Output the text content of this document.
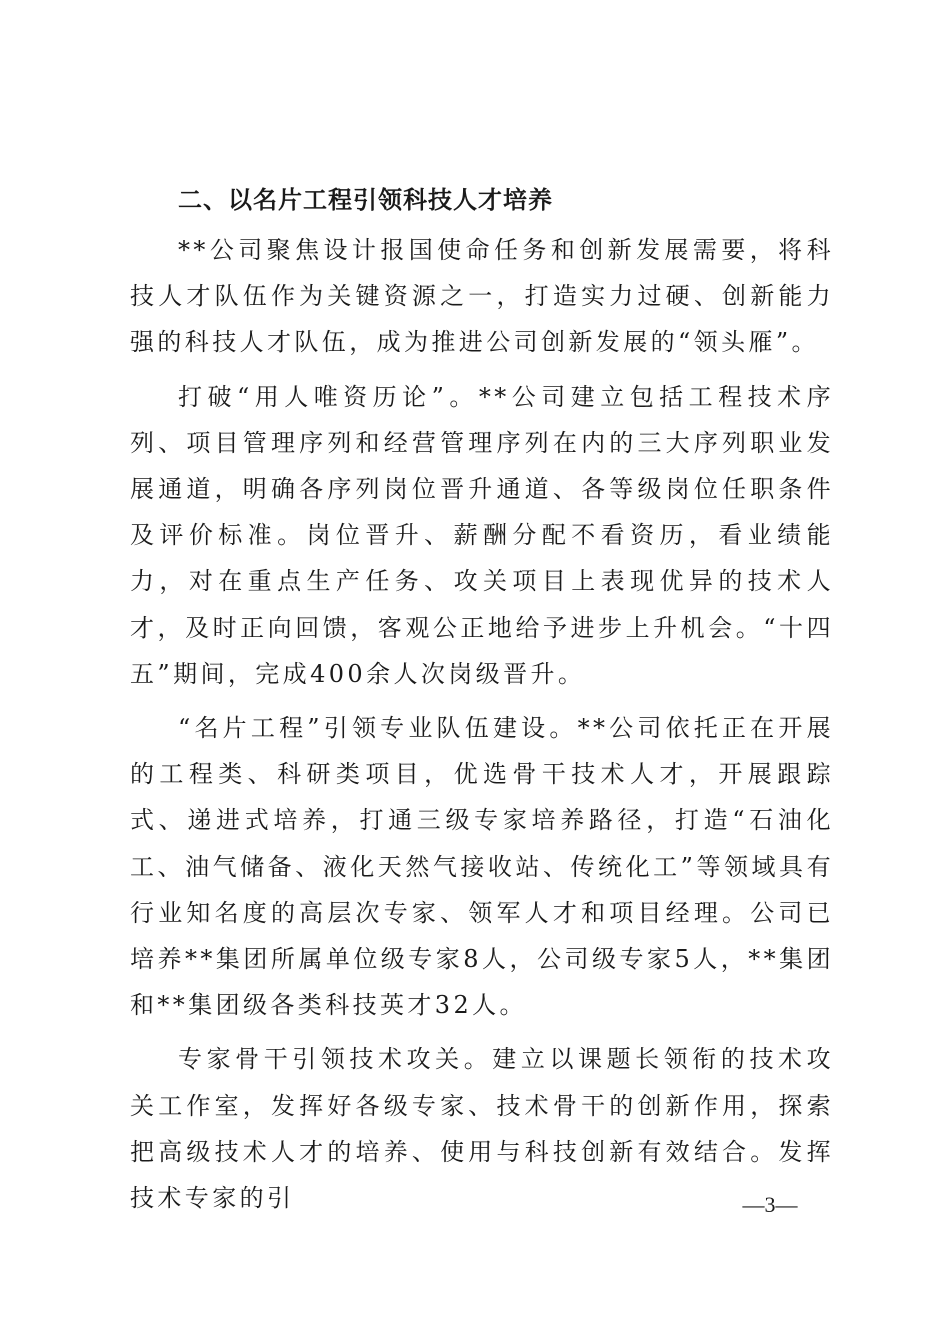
二、以名片工程引领科技人才培养

**公司聚焦设计报国使命任务和创新发展需要，将科技人才队伍作为关键资源之一，打造实力过硬、创新能力强的科技人才队伍，成为推进公司创新发展的“领头雁”。

打破“用人唯资历论”。**公司建立包括工程技术序列、项目管理序列和经营管理序列在内的三大序列职业发展通道，明确各序列岗位晋升通道、各等级岗位任职条件及评价标准。岗位晋升、薪酬分配不看资历，看业绩能力，对在重点生产任务、攻关项目上表现优异的技术人才，及时正向回馈，客观公正地给予进步上升机会。“十四五”期间，完成400余人次岗级晋升。

“名片工程”引领专业队伍建设。**公司依托正在开展的工程类、科研类项目，优选骨干技术人才，开展跟踪式、递进式培养，打通三级专家培养路径，打造“石油化工、油气储备、液化天然气接收站、传统化工”等领域具有行业知名度的高层次专家、领军人才和项目经理。公司已培养**集团所属单位级专家8人，公司级专家5人，**集团和**集团级各类科技英才32人。

专家骨干引领技术攻关。建立以课题长领衔的技术攻关工作室，发挥好各级专家、技术骨干的创新作用，探索把高级技术人才的培养、使用与科技创新有效结合。发挥技术专家的引	—3—
